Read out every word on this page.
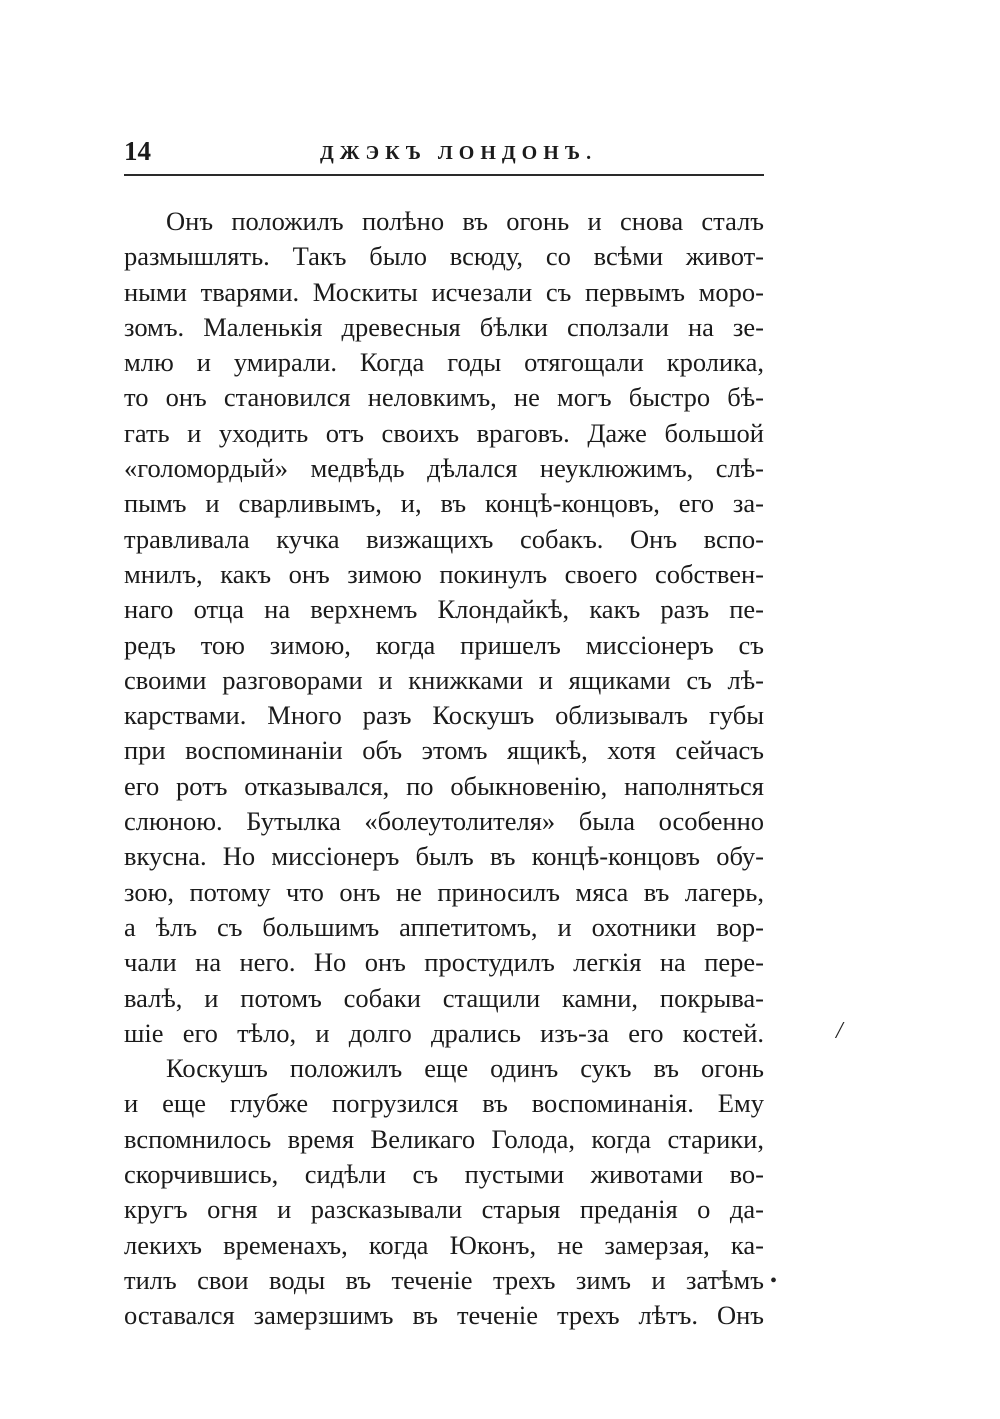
14	ДЖЭКЪ ЛОНДОНЪ.
Онъ положилъ полѣно въ огонь и снова сталъ
размышлять. Такъ было всюду, со всѣми живот-
ными тварями. Москиты исчезали съ первымъ моро-
зомъ. Маленькія древесныя бѣлки сползали на зе-
млю и умирали. Когда годы отягощали кролика,
то онъ становился неловкимъ, не могъ быстро бѣ-
гать и уходить отъ своихъ враговъ. Даже большой
«голомордый» медвѣдь дѣлался неуклюжимъ, слѣ-
пымъ и сварливымъ, и, въ концѣ-концовъ, его за-
травливала кучка визжащихъ собакъ. Онъ вспо-
мнилъ, какъ онъ зимою покинулъ своего собствен-
наго отца на верхнемъ Клондайкѣ, какъ разъ пе-
редъ тою зимою, когда пришелъ миссіонеръ съ
своими разговорами и книжками и ящиками съ лѣ-
карствами. Много разъ Коскушъ облизывалъ губы
при воспоминаніи объ этомъ ящикѣ, хотя сейчасъ
его ротъ отказывался, по обыкновенію, наполняться
слюною. Бутылка «болеутолителя» была особенно
вкусна. Но миссіонеръ былъ въ концѣ-концовъ обу-
зою, потому что онъ не приносилъ мяса въ лагерь,
а ѣлъ съ большимъ аппетитомъ, и охотники вор-
чали на него. Но онъ простудилъ легкія на пере-
валѣ, и потомъ собаки стащили камни, покрыва-
шіе его тѣло, и долго дрались изъ-за его костей.
Коскушъ положилъ еще одинъ сукъ въ огонь
и еще глубже погрузился въ воспоминанія. Ему
вспомнилось время Великаго Голода, когда старики,
скорчившись, сидѣли съ пустыми животами во-
кругъ огня и разсказывали старыя преданія о да-
лекихъ временахъ, когда Юконъ, не замерзая, ка-
тилъ свои воды въ теченіе трехъ зимъ и затѣмъ
оставался замерзшимъ въ теченіе трехъ лѣтъ. Онъ
/
•
